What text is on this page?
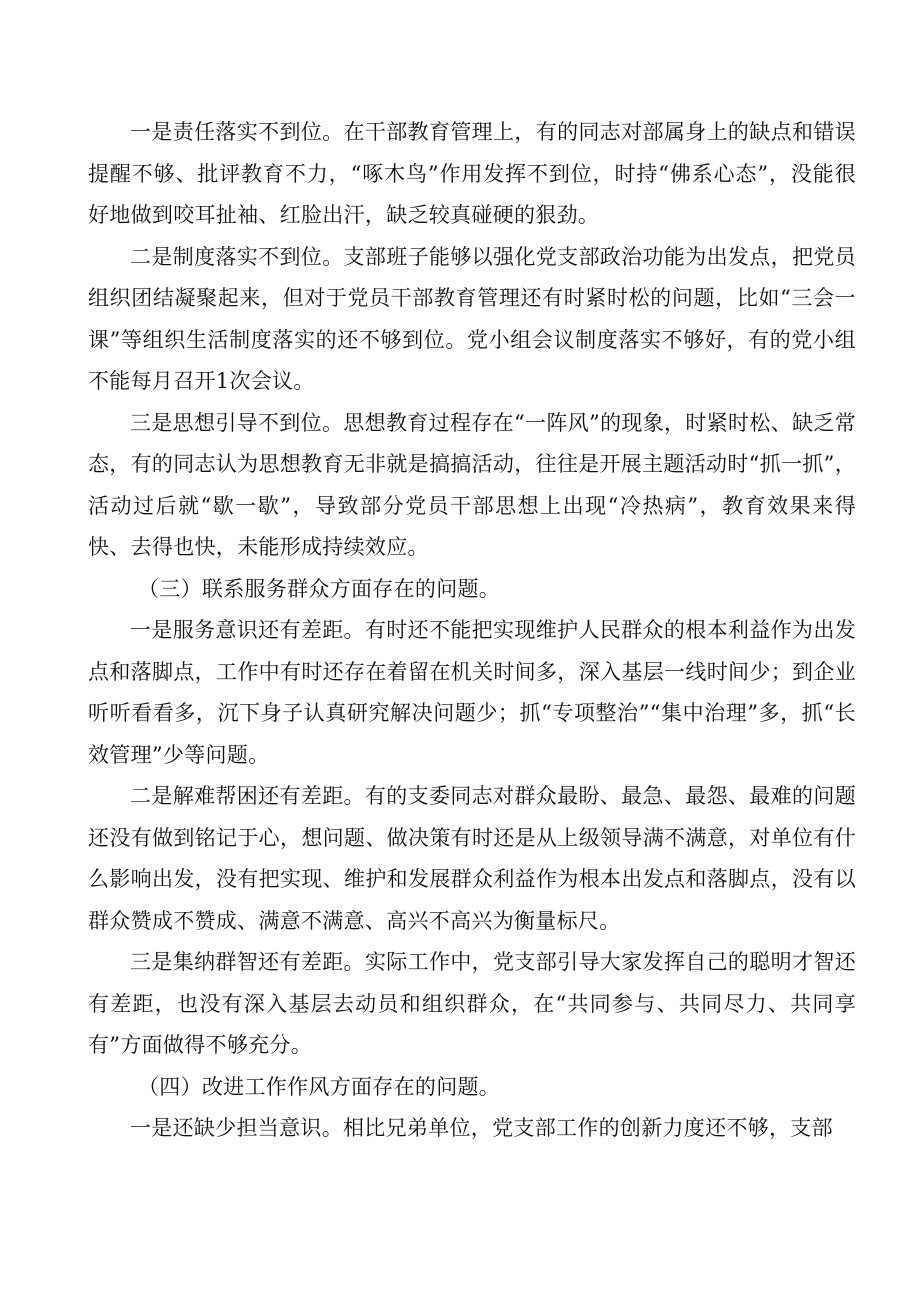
一是责任落实不到位。在干部教育管理上，有的同志对部属身上的缺点和错误提醒不够、批评教育不力，“啄木鸟”作用发挥不到位，时持“佛系心态”，没能很好地做到咬耳扯袖、红脸出汗，缺乏较真碰硬的狠劲。

二是制度落实不到位。支部班子能够以强化党支部政治功能为出发点，把党员组织团结凝聚起来，但对于党员干部教育管理还有时紧时松的问题，比如“三会一课”等组织生活制度落实的还不够到位。党小组会议制度落实不够好，有的党小组不能每月召开1次会议。

三是思想引导不到位。思想教育过程存在“一阵风”的现象，时紧时松、缺乏常态，有的同志认为思想教育无非就是搞搞活动，往往是开展主题活动时“抓一抓”，活动过后就“歇一歇”，导致部分党员干部思想上出现“冷热病”，教育效果来得快、去得也快，未能形成持续效应。

（三）联系服务群众方面存在的问题。

一是服务意识还有差距。有时还不能把实现维护人民群众的根本利益作为出发点和落脚点，工作中有时还存在着留在机关时间多，深入基层一线时间少；到企业听听看看多，沉下身子认真研究解决问题少；抓“专项整治”“集中治理”多，抓“长效管理”少等问题。

二是解难帮困还有差距。有的支委同志对群众最盼、最急、最怨、最难的问题还没有做到铭记于心，想问题、做决策有时还是从上级领导满不满意，对单位有什么影响出发，没有把实现、维护和发展群众利益作为根本出发点和落脚点，没有以群众赞成不赞成、满意不满意、高兴不高兴为衡量标尺。

三是集纳群智还有差距。实际工作中，党支部引导大家发挥自己的聪明才智还有差距，也没有深入基层去动员和组织群众，在“共同参与、共同尽力、共同享有”方面做得不够充分。

（四）改进工作作风方面存在的问题。

一是还缺少担当意识。相比兄弟单位，党支部工作的创新力度还不够，支部
